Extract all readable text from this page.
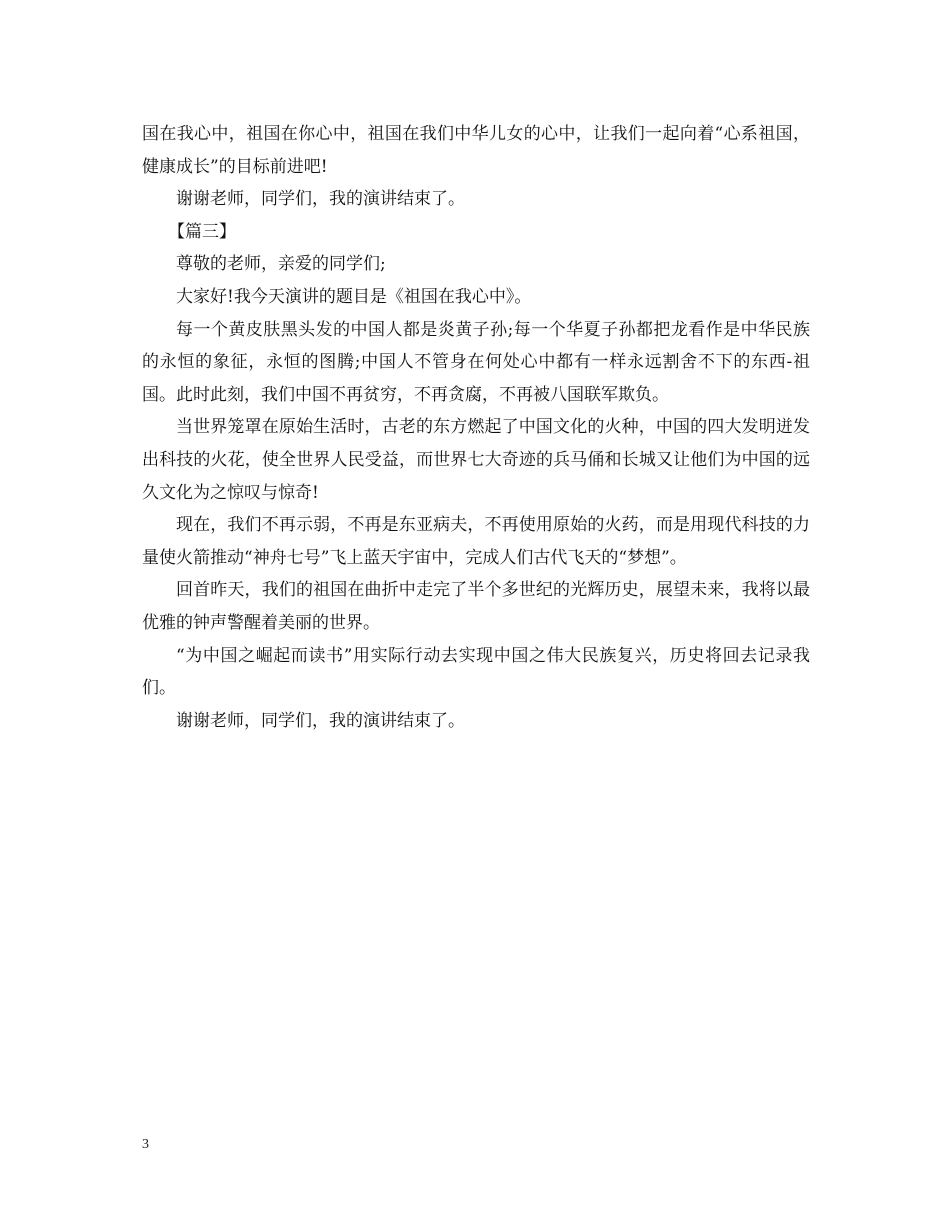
国在我心中，祖国在你心中，祖国在我们中华儿女的心中，让我们一起向着“心系祖国，健康成长”的目标前进吧!

谢谢老师，同学们，我的演讲结束了。

【篇三】

尊敬的老师，亲爱的同学们;

大家好!我今天演讲的题目是《祖国在我心中》。

每一个黄皮肤黑头发的中国人都是炎黄子孙;每一个华夏子孙都把龙看作是中华民族的永恒的象征，永恒的图腾;中国人不管身在何处心中都有一样永远割舍不下的东西-祖国。此时此刻，我们中国不再贫穷，不再贪腐，不再被八国联军欺负。

当世界笼罩在原始生活时，古老的东方燃起了中国文化的火种，中国的四大发明迸发出科技的火花，使全世界人民受益，而世界七大奇迹的兵马俑和长城又让他们为中国的远久文化为之惊叹与惊奇!

现在，我们不再示弱，不再是东亚病夫，不再使用原始的火药，而是用现代科技的力量使火箭推动“神舟七号”飞上蓝天宇宙中，完成人们古代飞天的“梦想”。

回首昨天，我们的祖国在曲折中走完了半个多世纪的光辉历史，展望未来，我将以最优雅的钟声警醒着美丽的世界。

“为中国之崛起而读书”用实际行动去实现中国之伟大民族复兴，历史将回去记录我们。

谢谢老师，同学们，我的演讲结束了。

3
